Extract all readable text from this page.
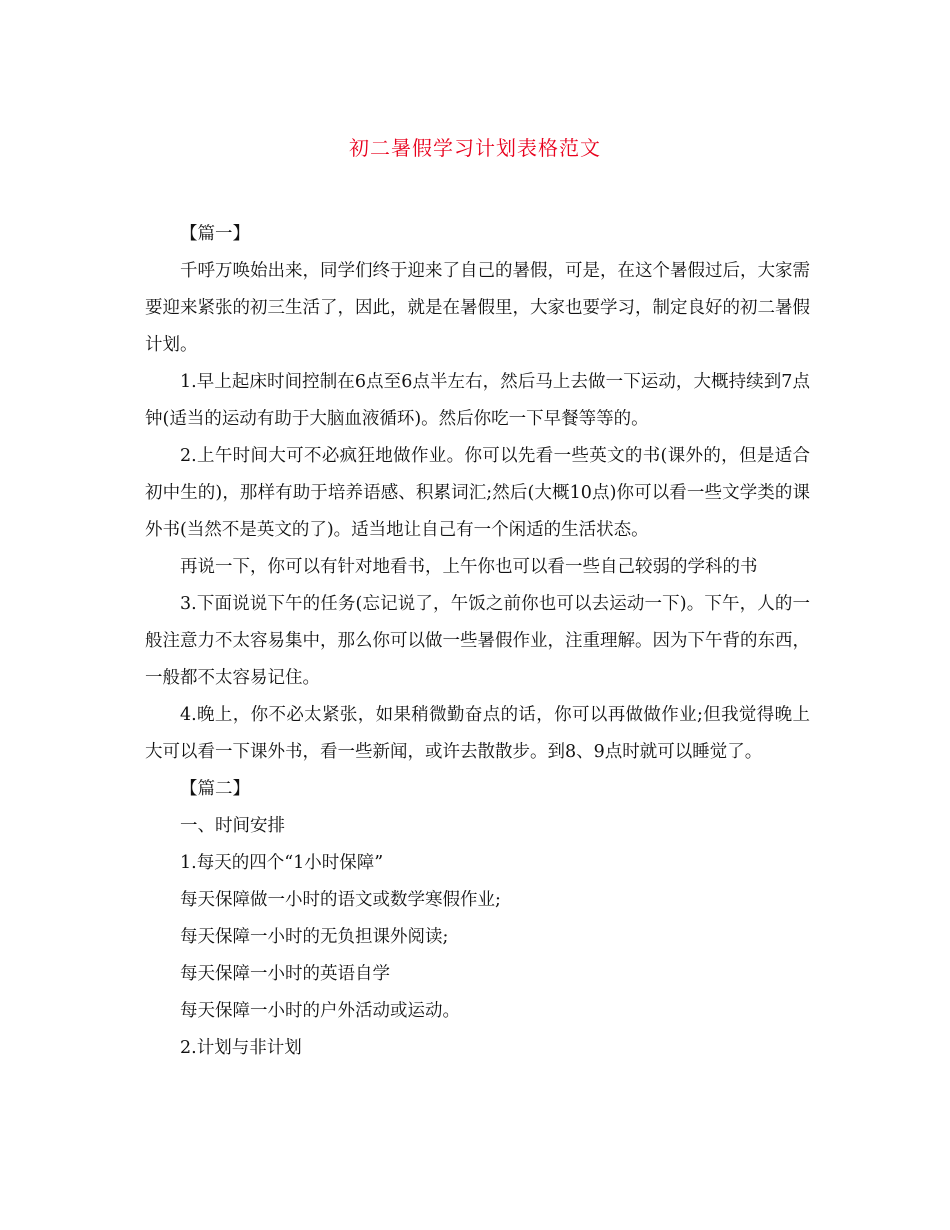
初二暑假学习计划表格范文

【篇一】

千呼万唤始出来，同学们终于迎来了自己的暑假，可是，在这个暑假过后，大家需要迎来紧张的初三生活了，因此，就是在暑假里，大家也要学习，制定良好的初二暑假计划。

1.早上起床时间控制在6点至6点半左右，然后马上去做一下运动，大概持续到7点钟(适当的运动有助于大脑血液循环)。然后你吃一下早餐等等的。

2.上午时间大可不必疯狂地做作业。你可以先看一些英文的书(课外的，但是适合初中生的)，那样有助于培养语感、积累词汇;然后(大概10点)你可以看一些文学类的课外书(当然不是英文的了)。适当地让自己有一个闲适的生活状态。

再说一下，你可以有针对地看书，上午你也可以看一些自己较弱的学科的书

3.下面说说下午的任务(忘记说了，午饭之前你也可以去运动一下)。下午，人的一般注意力不太容易集中，那么你可以做一些暑假作业，注重理解。因为下午背的东西，一般都不太容易记住。

4.晚上，你不必太紧张，如果稍微勤奋点的话，你可以再做做作业;但我觉得晚上大可以看一下课外书，看一些新闻，或许去散散步。到8、9点时就可以睡觉了。

【篇二】

一、时间安排

1.每天的四个“1小时保障”

每天保障做一小时的语文或数学寒假作业;

每天保障一小时的无负担课外阅读;

每天保障一小时的英语自学

每天保障一小时的户外活动或运动。

2.计划与非计划
